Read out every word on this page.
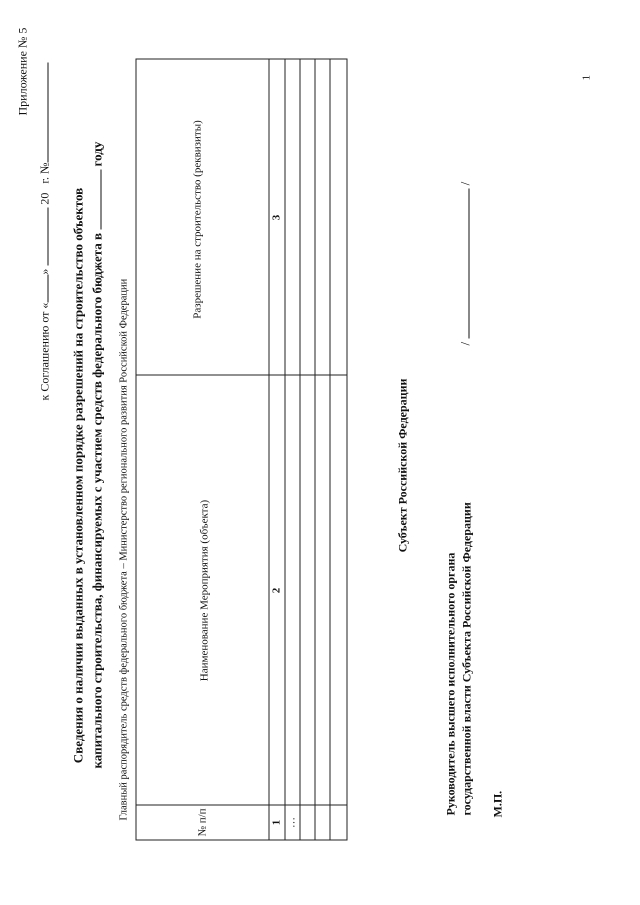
Приложение № 5
к Соглашению от «»  20   г. №
Сведения о наличии выданных в установленном порядке разрешений на строительство объектов капитального строительства, финансируемых с участием средств федерального бюджета в  году
Главный распорядитель средств федерального бюджета – Министерство регионального развития Российской Федерации
№ п/п
Наименование Мероприятия (объекта)
Разрешение на строительство (реквизиты)
1
2
3
…
Субъект Российской Федерации
Руководитель высшего исполнительного органа государственной власти Субъекта Российской Федерации
/  /
М.П.
1
